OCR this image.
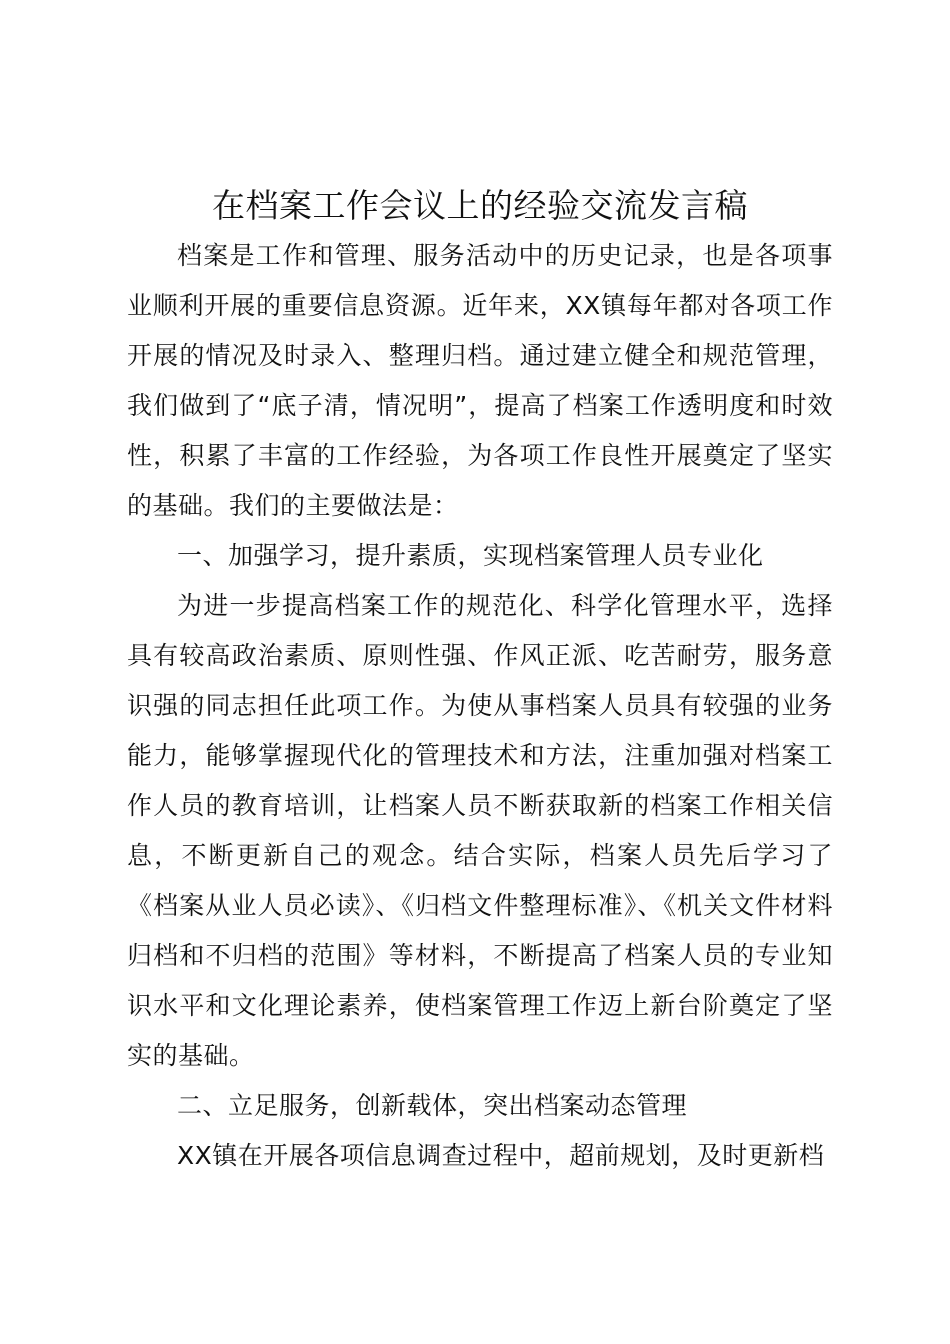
在档案工作会议上的经验交流发言稿

档案是工作和管理、服务活动中的历史记录，也是各项事业顺利开展的重要信息资源。近年来，XX镇每年都对各项工作开展的情况及时录入、整理归档。通过建立健全和规范管理，我们做到了“底子清，情况明”，提高了档案工作透明度和时效性，积累了丰富的工作经验，为各项工作良性开展奠定了坚实的基础。我们的主要做法是：

一、加强学习，提升素质，实现档案管理人员专业化

为进一步提高档案工作的规范化、科学化管理水平，选择具有较高政治素质、原则性强、作风正派、吃苦耐劳，服务意识强的同志担任此项工作。为使从事档案人员具有较强的业务能力，能够掌握现代化的管理技术和方法，注重加强对档案工作人员的教育培训，让档案人员不断获取新的档案工作相关信息，不断更新自己的观念。结合实际，档案人员先后学习了《档案从业人员必读》、《归档文件整理标准》、《机关文件材料归档和不归档的范围》等材料，不断提高了档案人员的专业知识水平和文化理论素养，使档案管理工作迈上新台阶奠定了坚实的基础。

二、立足服务，创新载体，突出档案动态管理

XX镇在开展各项信息调查过程中，超前规划，及时更新档
